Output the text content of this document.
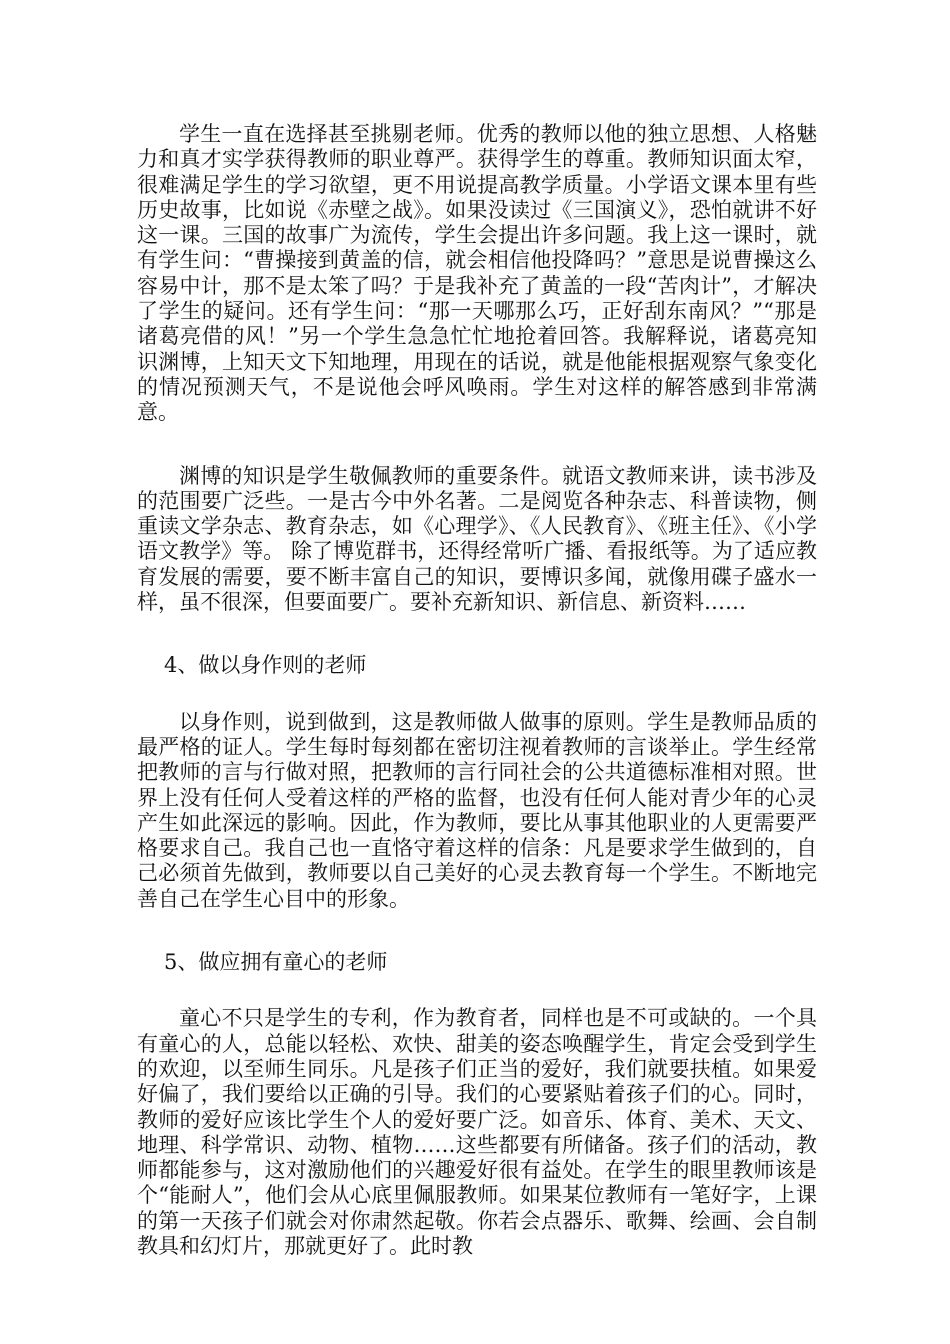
学生一直在选择甚至挑剔老师。优秀的教师以他的独立思想、人格魅力和真才实学获得教师的职业尊严。获得学生的尊重。教师知识面太窄，很难满足学生的学习欲望，更不用说提高教学质量。小学语文课本里有些历史故事，比如说《赤壁之战》。如果没读过《三国演义》，恐怕就讲不好这一课。三国的故事广为流传，学生会提出许多问题。我上这一课时，就有学生问：“曹操接到黄盖的信，就会相信他投降吗？”意思是说曹操这么容易中计，那不是太笨了吗？于是我补充了黄盖的一段“苦肉计”，才解决了学生的疑问。还有学生问：“那一天哪那么巧，正好刮东南风？”“那是诸葛亮借的风！”另一个学生急急忙忙地抢着回答。我解释说，诸葛亮知识渊博，上知天文下知地理，用现在的话说，就是他能根据观察气象变化的情况预测天气，不是说他会呼风唤雨。学生对这样的解答感到非常满意。

渊博的知识是学生敬佩教师的重要条件。就语文教师来讲，读书涉及的范围要广泛些。一是古今中外名著。二是阅览各种杂志、科普读物，侧重读文学杂志、教育杂志，如《心理学》、《人民教育》、《班主任》、《小学语文教学》等。 除了博览群书，还得经常听广播、看报纸等。为了适应教育发展的需要，要不断丰富自己的知识，要博识多闻，就像用碟子盛水一样，虽不很深，但要面要广。要补充新知识、新信息、新资料……

4、做以身作则的老师

以身作则，说到做到，这是教师做人做事的原则。学生是教师品质的最严格的证人。学生每时每刻都在密切注视着教师的言谈举止。学生经常把教师的言与行做对照，把教师的言行同社会的公共道德标准相对照。世界上没有任何人受着这样的严格的监督，也没有任何人能对青少年的心灵产生如此深远的影响。因此，作为教师，要比从事其他职业的人更需要严格要求自己。我自己也一直恪守着这样的信条：凡是要求学生做到的，自己必须首先做到，教师要以自己美好的心灵去教育每一个学生。不断地完善自己在学生心目中的形象。

5、做应拥有童心的老师

童心不只是学生的专利，作为教育者，同样也是不可或缺的。一个具有童心的人，总能以轻松、欢快、甜美的姿态唤醒学生，肯定会受到学生的欢迎，以至师生同乐。凡是孩子们正当的爱好，我们就要扶植。如果爱好偏了，我们要给以正确的引导。我们的心要紧贴着孩子们的心。同时，教师的爱好应该比学生个人的爱好要广泛。如音乐、体育、美术、天文、地理、科学常识、动物、植物……这些都要有所储备。孩子们的活动，教师都能参与，这对激励他们的兴趣爱好很有益处。在学生的眼里教师该是个“能耐人”，他们会从心底里佩服教师。如果某位教师有一笔好字，上课的第一天孩子们就会对你肃然起敬。你若会点器乐、歌舞、绘画、会自制教具和幻灯片，那就更好了。此时教
